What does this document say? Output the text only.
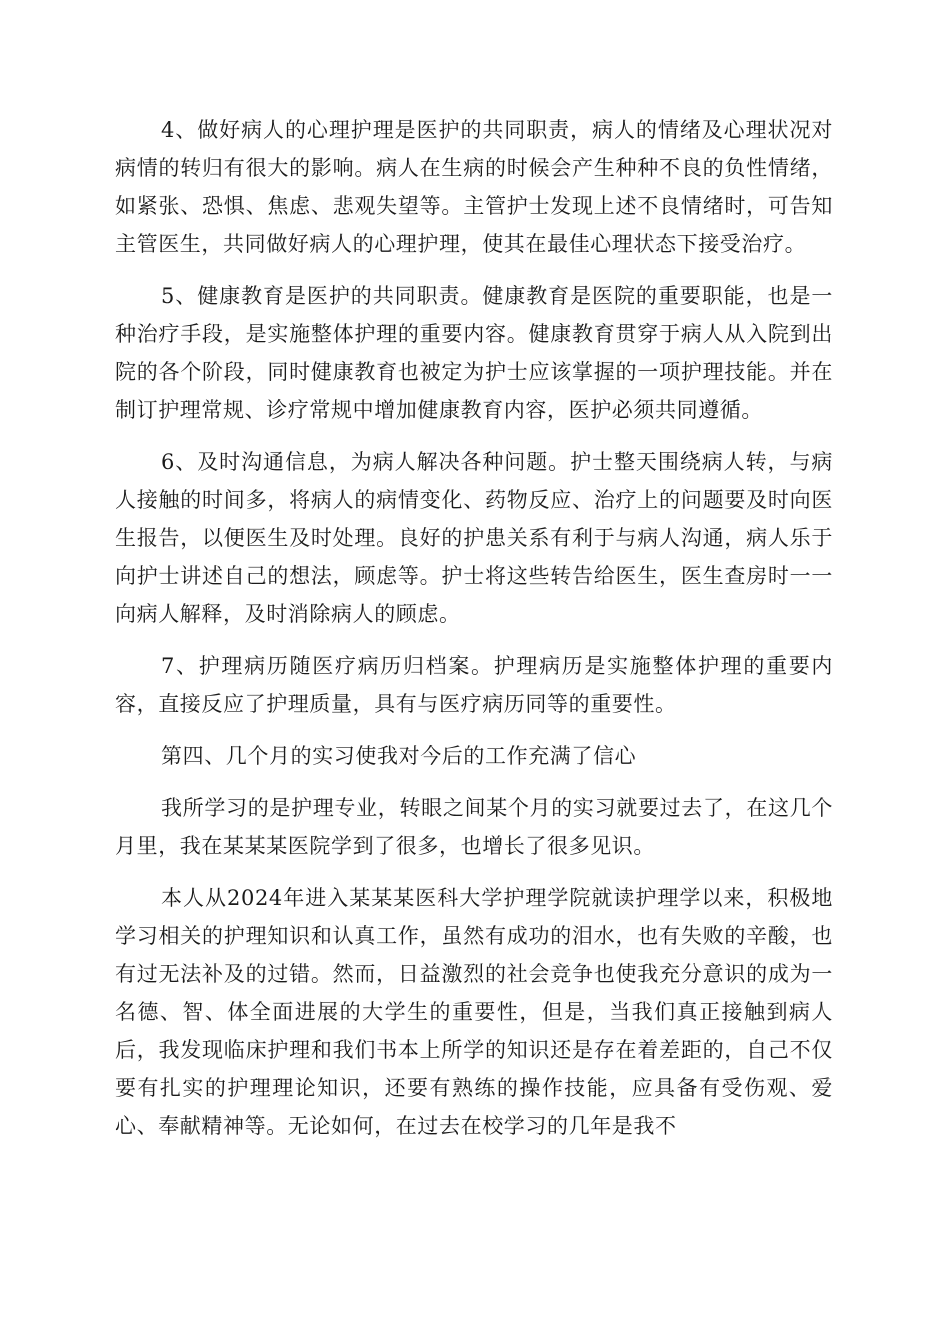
4、做好病人的心理护理是医护的共同职责，病人的情绪及心理状况对病情的转归有很大的影响。病人在生病的时候会产生种种不良的负性情绪，如紧张、恐惧、焦虑、悲观失望等。主管护士发现上述不良情绪时，可告知主管医生，共同做好病人的心理护理，使其在最佳心理状态下接受治疗。

5、健康教育是医护的共同职责。健康教育是医院的重要职能，也是一种治疗手段，是实施整体护理的重要内容。健康教育贯穿于病人从入院到出院的各个阶段，同时健康教育也被定为护士应该掌握的一项护理技能。并在制订护理常规、诊疗常规中增加健康教育内容，医护必须共同遵循。

6、及时沟通信息，为病人解决各种问题。护士整天围绕病人转，与病人接触的时间多，将病人的病情变化、药物反应、治疗上的问题要及时向医生报告，以便医生及时处理。良好的护患关系有利于与病人沟通，病人乐于向护士讲述自己的想法，顾虑等。护士将这些转告给医生，医生查房时一一向病人解释，及时消除病人的顾虑。

7、护理病历随医疗病历归档案。护理病历是实施整体护理的重要内容，直接反应了护理质量，具有与医疗病历同等的重要性。

第四、几个月的实习使我对今后的工作充满了信心

我所学习的是护理专业，转眼之间某个月的实习就要过去了，在这几个月里，我在某某某医院学到了很多，也增长了很多见识。

本人从2024年进入某某某医科大学护理学院就读护理学以来，积极地学习相关的护理知识和认真工作，虽然有成功的泪水，也有失败的辛酸，也有过无法补及的过错。然而，日益激烈的社会竞争也使我充分意识的成为一名德、智、体全面进展的大学生的重要性，但是，当我们真正接触到病人后，我发现临床护理和我们书本上所学的知识还是存在着差距的，自己不仅要有扎实的护理理论知识，还要有熟练的操作技能，应具备有受伤观、爱心、奉献精神等。无论如何，在过去在校学习的几年是我不
